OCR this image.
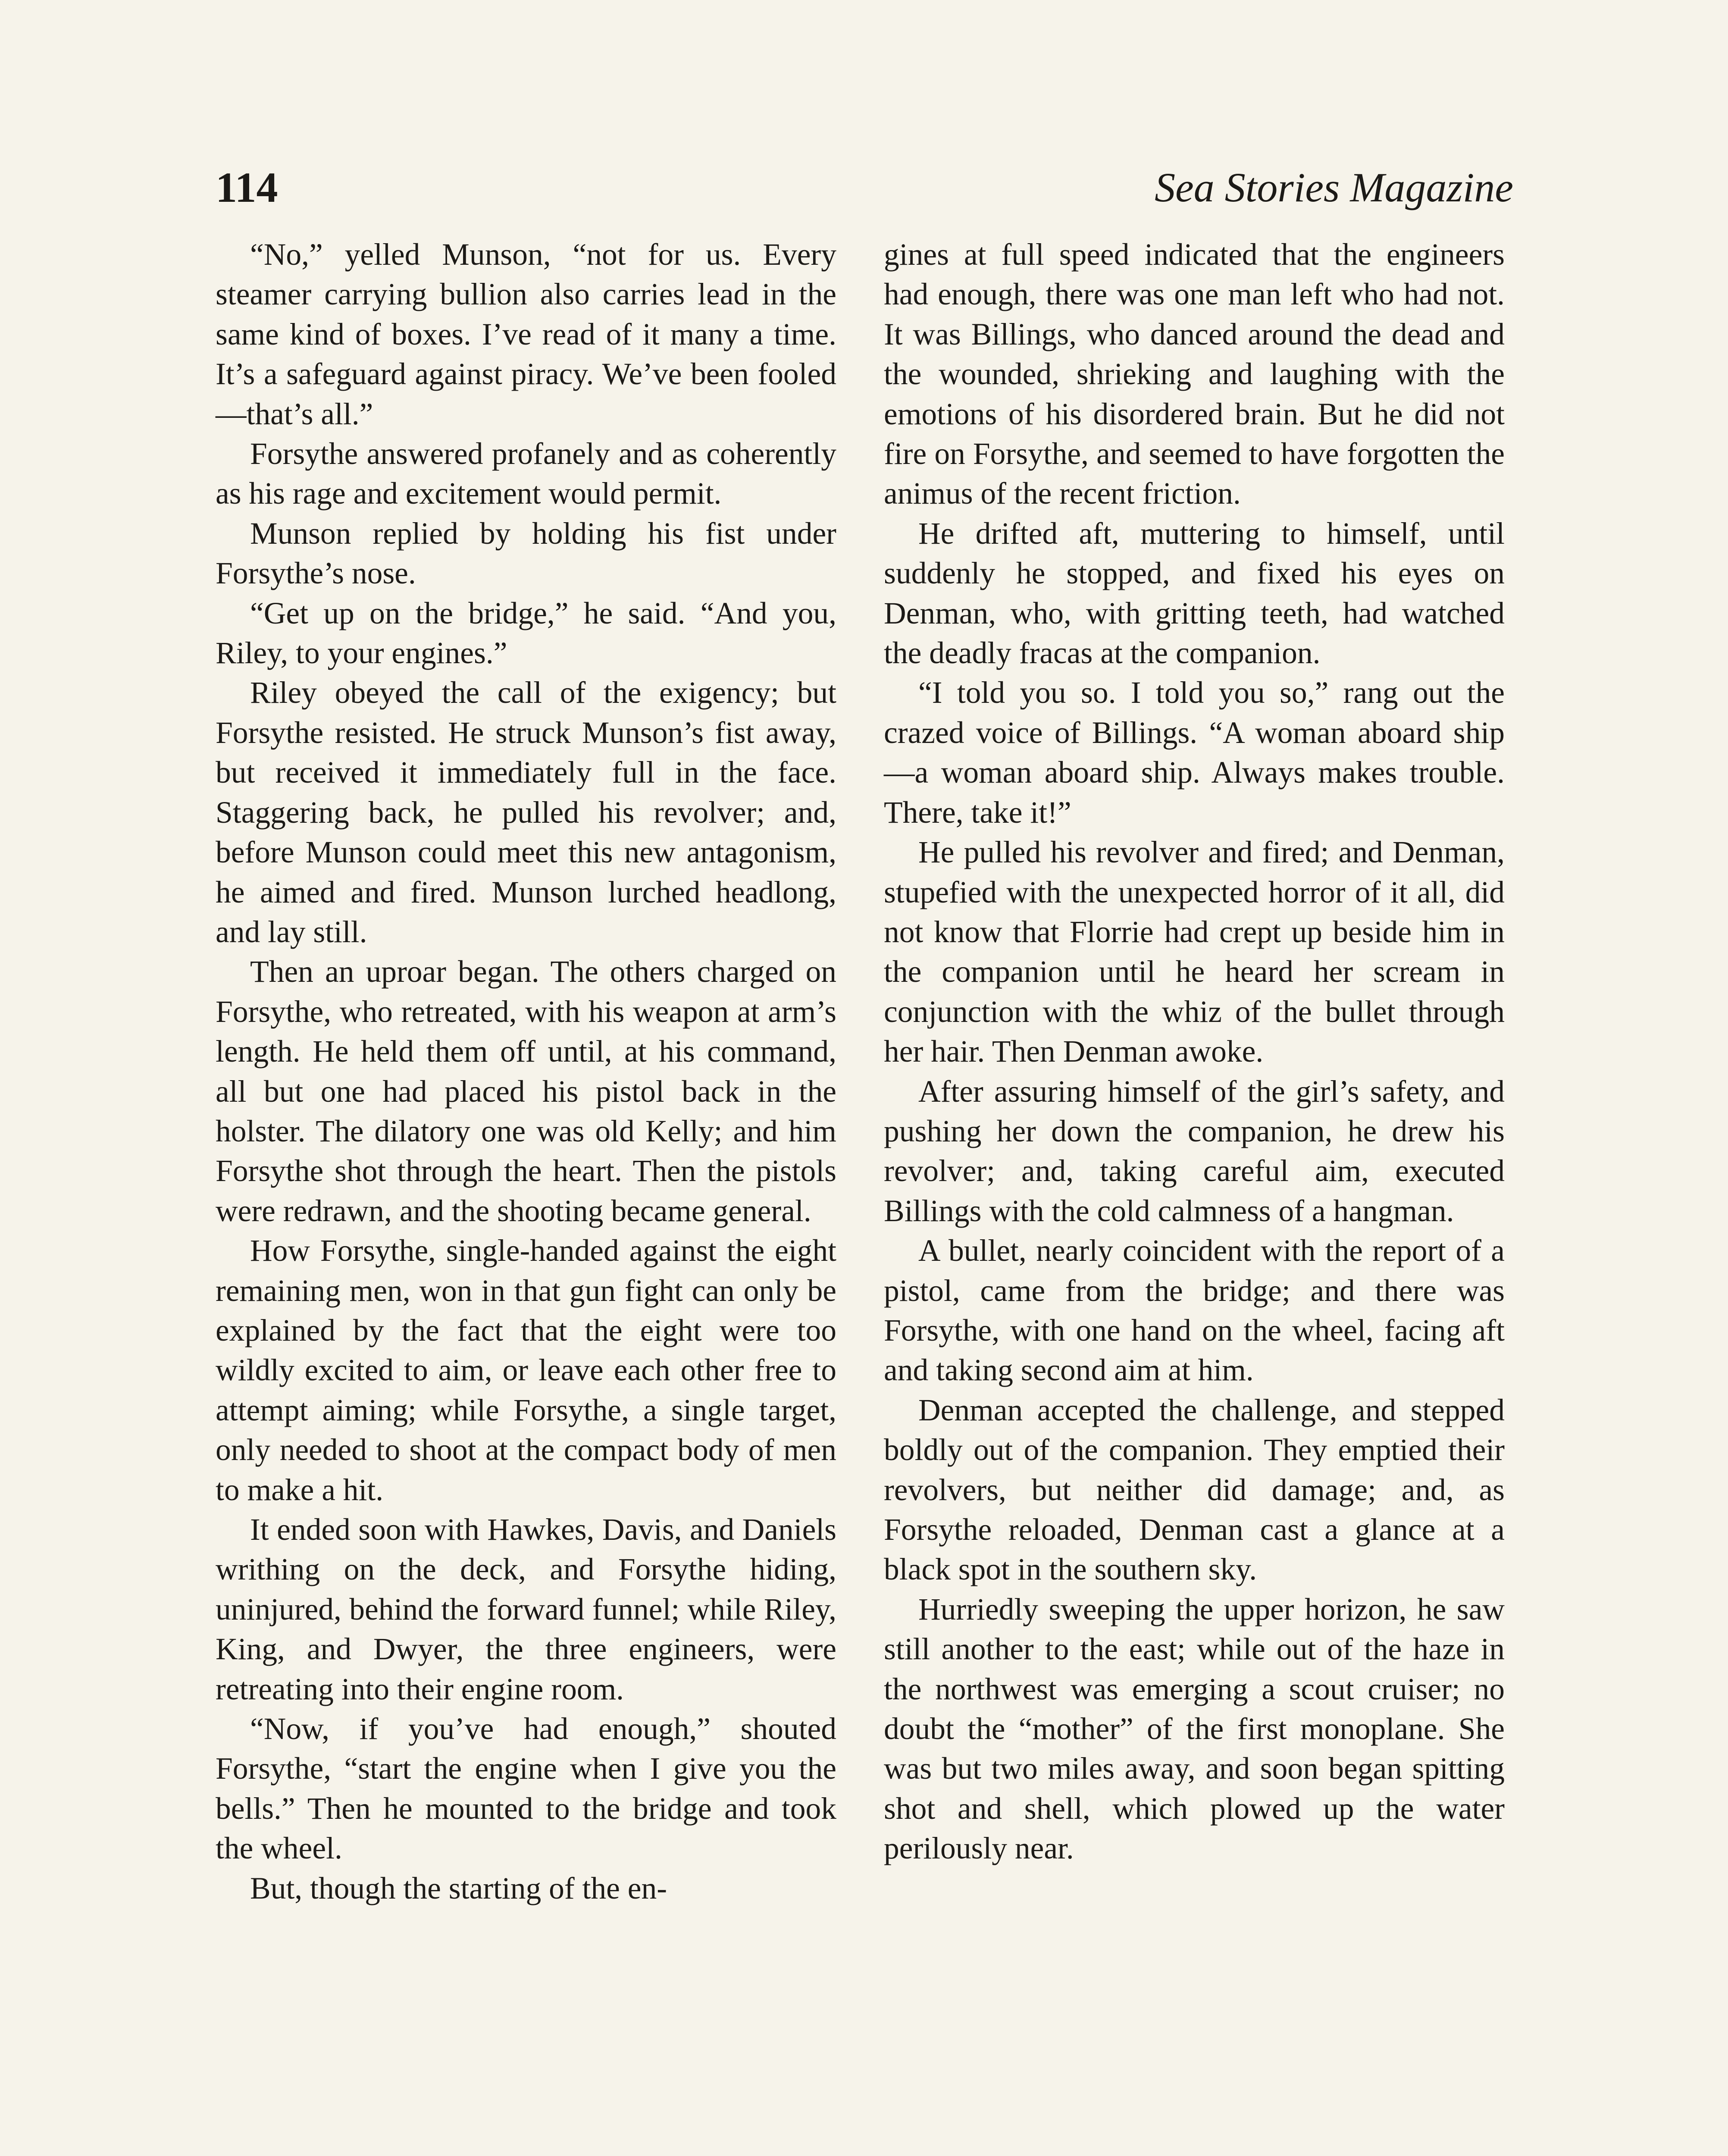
114	Sea Stories Magazine

“No,” yelled Munson, “not for us. Every steamer carrying bullion also carries lead in the same kind of boxes. I’ve read of it many a time. It’s a safeguard against piracy. We’ve been fooled—that’s all.”

Forsythe answered profanely and as coherently as his rage and excitement would permit.

Munson replied by holding his fist under Forsythe’s nose.

“Get up on the bridge,” he said. “And you, Riley, to your engines.”

Riley obeyed the call of the exigency; but Forsythe resisted. He struck Munson’s fist away, but received it immediately full in the face. Staggering back, he pulled his revolver; and, before Munson could meet this new antagonism, he aimed and fired. Munson lurched headlong, and lay still.

Then an uproar began. The others charged on Forsythe, who retreated, with his weapon at arm’s length. He held them off until, at his command, all but one had placed his pistol back in the holster. The dilatory one was old Kelly; and him Forsythe shot through the heart. Then the pistols were redrawn, and the shooting became general.

How Forsythe, single-handed against the eight remaining men, won in that gun fight can only be explained by the fact that the eight were too wildly excited to aim, or leave each other free to attempt aiming; while Forsythe, a single target, only needed to shoot at the compact body of men to make a hit.

It ended soon with Hawkes, Davis, and Daniels writhing on the deck, and Forsythe hiding, uninjured, behind the forward funnel; while Riley, King, and Dwyer, the three engineers, were retreating into their engine room.

“Now, if you’ve had enough,” shouted Forsythe, “start the engine when I give you the bells.” Then he mounted to the bridge and took the wheel.

But, though the starting of the en-

gines at full speed indicated that the engineers had enough, there was one man left who had not. It was Billings, who danced around the dead and the wounded, shrieking and laughing with the emotions of his disordered brain. But he did not fire on Forsythe, and seemed to have forgotten the animus of the recent friction.

He drifted aft, muttering to himself, until suddenly he stopped, and fixed his eyes on Denman, who, with gritting teeth, had watched the deadly fracas at the companion.

“I told you so. I told you so,” rang out the crazed voice of Billings. “A woman aboard ship—a woman aboard ship. Always makes trouble. There, take it!”

He pulled his revolver and fired; and Denman, stupefied with the unexpected horror of it all, did not know that Florrie had crept up beside him in the companion until he heard her scream in conjunction with the whiz of the bullet through her hair. Then Denman awoke.

After assuring himself of the girl’s safety, and pushing her down the companion, he drew his revolver; and, taking careful aim, executed Billings with the cold calmness of a hangman.

A bullet, nearly coincident with the report of a pistol, came from the bridge; and there was Forsythe, with one hand on the wheel, facing aft and taking second aim at him.

Denman accepted the challenge, and stepped boldly out of the companion. They emptied their revolvers, but neither did damage; and, as Forsythe reloaded, Denman cast a glance at a black spot in the southern sky.

Hurriedly sweeping the upper horizon, he saw still another to the east; while out of the haze in the northwest was emerging a scout cruiser; no doubt the “mother” of the first monoplane. She was but two miles away, and soon began spitting shot and shell, which plowed up the water perilously near.
